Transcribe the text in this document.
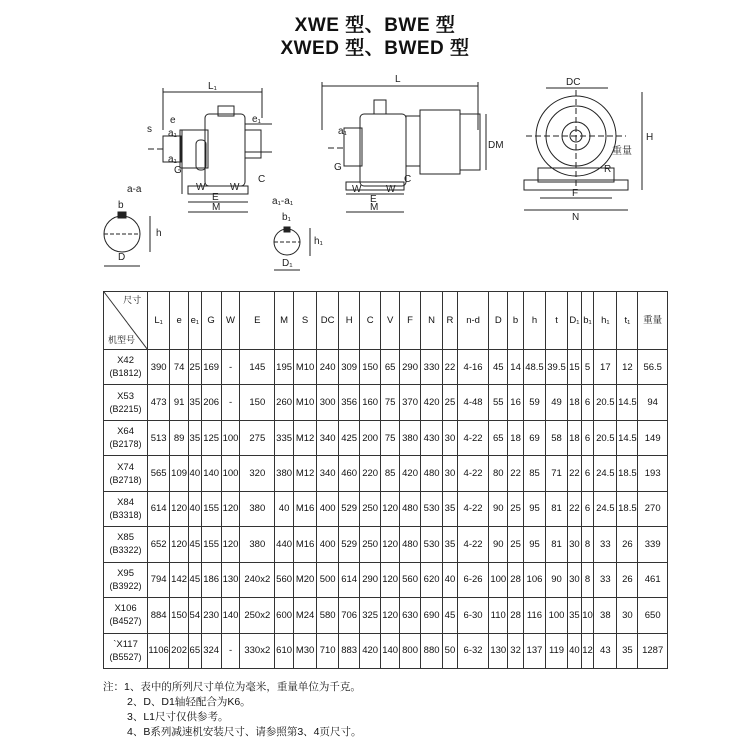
XWE 型、BWE 型
XWED 型、BWED 型
L₁
e
s a₁
a₁
e₁
C
G
W W
E
M
L
DM
a₁
G
C
W W
E
M
DC
H
重量
R
F
N
a-a
b
h
D
a₁-a₁
b₁
h₁
D₁
尺寸
机型号	L₁	e	e₁	G	W	E	M	S	DC	H	C	V	F	N	R	n-d	D	b	h	t	D₁	b₁	h₁	t₁	重量

X42
(B1812)	390	74	25	169	-	145	195	M10	240	309	150	65	290	330	22	4-16	45	14	48.5	39.5	15	5	17	12	56.5

X53
(B2215)	473	91	35	206	-	150	260	M10	300	356	160	75	370	420	25	4-48	55	16	59	49	18	6	20.5	14.5	94

X64
(B2178)	513	89	35	125	100	275	335	M12	340	425	200	75	380	430	30	4-22	65	18	69	58	18	6	20.5	14.5	149

X74
(B2718)	565	109	40	140	100	320	380	M12	340	460	220	85	420	480	30	4-22	80	22	85	71	22	6	24.5	18.5	193

X84
(B3318)	614	120	40	155	120	380	40	M16	400	529	250	120	480	530	35	4-22	90	25	95	81	22	6	24.5	18.5	270

X85
(B3322)	652	120	45	155	120	380	440	M16	400	529	250	120	480	530	35	4-22	90	25	95	81	30	8	33	26	339

X95
(B3922)	794	142	45	186	130	240x2	560	M20	500	614	290	120	560	620	40	6-26	100	28	106	90	30	8	33	26	461

X106
(B4527)	884	150	54	230	140	250x2	600	M24	580	706	325	120	630	690	45	6-30	110	28	116	100	35	10	38	30	650

`X117
(B5527)	1106	202	65	324	-	330x2	610	M30	710	883	420	140	800	880	50	6-32	130	32	137	119	40	12	43	35	1287
注：1、表中的所列尺寸单位为毫米，重量单位为千克。
2、D、D1轴轻配合为K6。
3、L1尺寸仅供参考。
4、B系列减速机安装尺寸、请参照第3、4页尺寸。
